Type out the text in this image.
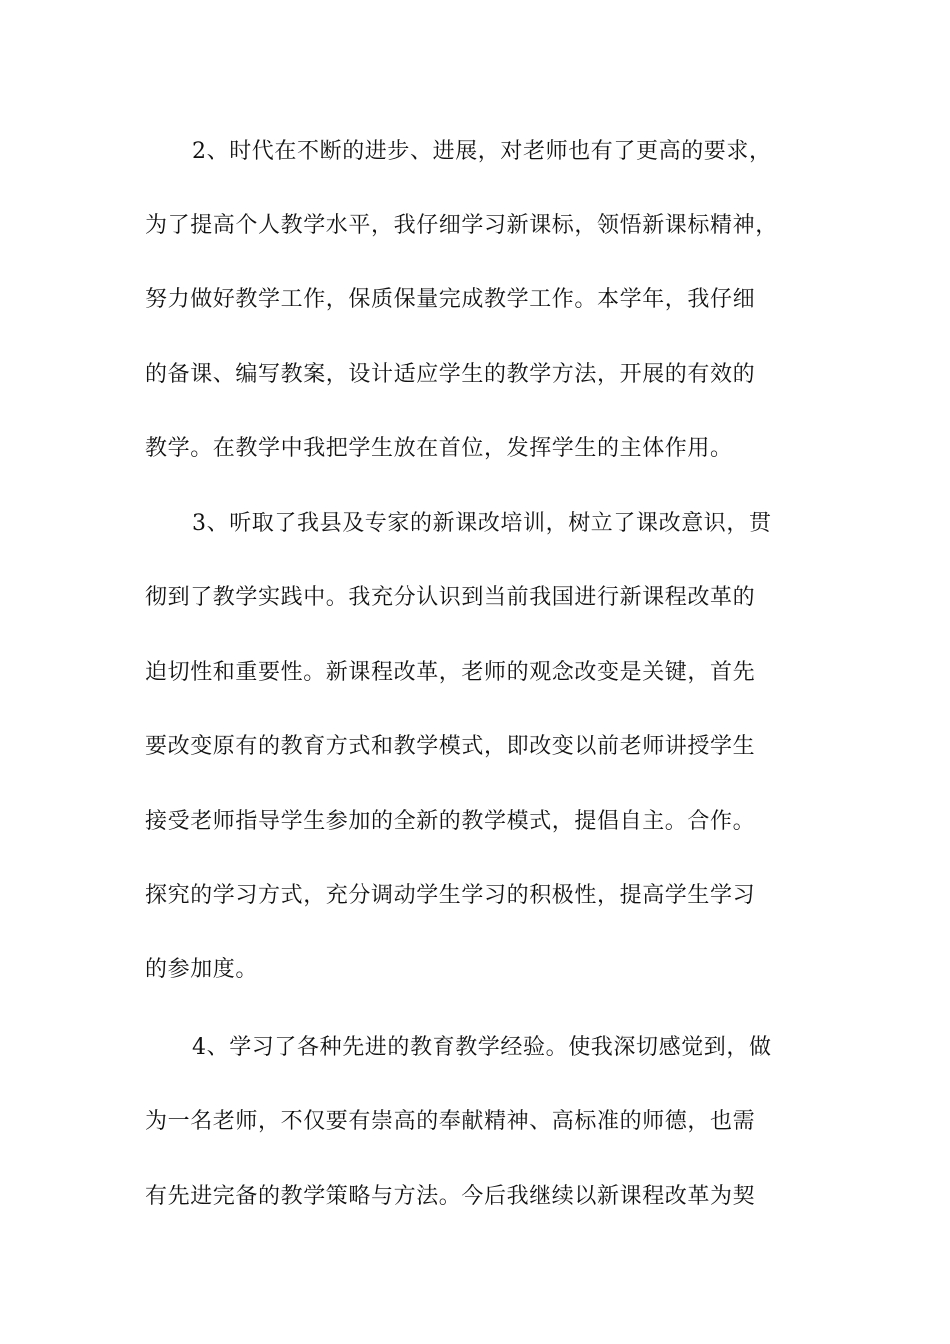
2、时代在不断的进步、进展，对老师也有了更高的要求，
为了提高个人教学水平，我仔细学习新课标，领悟新课标精神，
努力做好教学工作，保质保量完成教学工作。本学年，我仔细
的备课、编写教案，设计适应学生的教学方法，开展的有效的
教学。在教学中我把学生放在首位，发挥学生的主体作用。
3、听取了我县及专家的新课改培训，树立了课改意识，贯
彻到了教学实践中。我充分认识到当前我国进行新课程改革的
迫切性和重要性。新课程改革，老师的观念改变是关键，首先
要改变原有的教育方式和教学模式，即改变以前老师讲授学生
接受老师指导学生参加的全新的教学模式，提倡自主。合作。
探究的学习方式，充分调动学生学习的积极性，提高学生学习
的参加度。
4、学习了各种先进的教育教学经验。使我深切感觉到，做
为一名老师，不仅要有崇高的奉献精神、高标准的师德，也需
有先进完备的教学策略与方法。今后我继续以新课程改革为契
